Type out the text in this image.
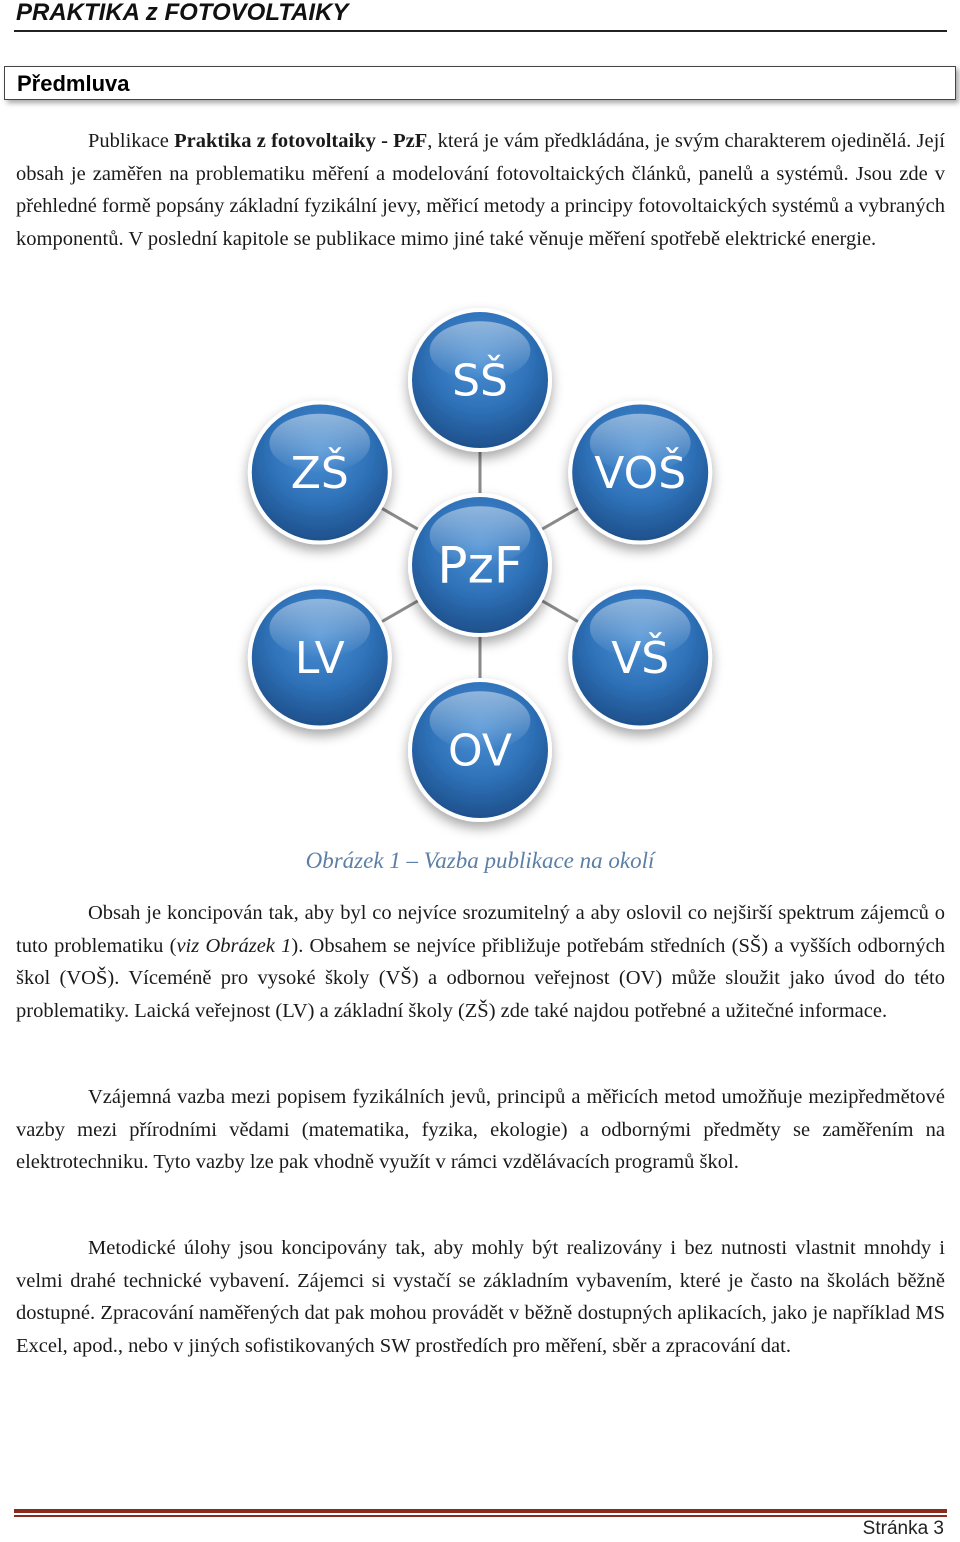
PRAKTIKA z FOTOVOLTAIKY
Předmluva

Publikace Praktika z fotovoltaiky - PzF, která je vám předkládána, je svým charakterem ojedinělá. Její obsah je zaměřen na problematiku měření a modelování fotovoltaických článků, panelů a systémů. Jsou zde v přehledné formě popsány základní fyzikální jevy, měřicí metody a principy fotovoltaických systémů a vybraných komponentů. V poslední kapitole se publikace mimo jiné také věnuje měření spotřebě elektrické energie.

SŠ
VOŠ
VŠ
OV
LV
ZŠ
PzF
Obrázek 1 – Vazba publikace na okolí

Obsah je koncipován tak, aby byl co nejvíce srozumitelný a aby oslovil co nejširší spektrum zájemců o tuto problematiku (viz Obrázek 1). Obsahem se nejvíce přibližuje potřebám středních (SŠ) a vyšších odborných škol (VOŠ). Víceméně pro vysoké školy (VŠ) a odbornou veřejnost (OV) může sloužit jako úvod do této problematiky. Laická veřejnost (LV) a základní školy (ZŠ) zde také najdou potřebné a užitečné informace.

Vzájemná vazba mezi popisem fyzikálních jevů, principů a měřicích metod umožňuje mezipředmětové vazby mezi přírodními vědami (matematika, fyzika, ekologie) a odbornými předměty se zaměřením na elektrotechniku. Tyto vazby lze pak vhodně využít v rámci vzdělávacích programů škol.

Metodické úlohy jsou koncipovány tak, aby mohly být realizovány i bez nutnosti vlastnit mnohdy i velmi drahé technické vybavení. Zájemci si vystačí se základním vybavením, které je často na školách běžně dostupné. Zpracování naměřených dat pak mohou provádět v běžně dostupných aplikacích, jako je například MS Excel, apod., nebo v jiných sofistikovaných SW prostředích pro měření, sběr a zpracování dat.

Stránka 3
